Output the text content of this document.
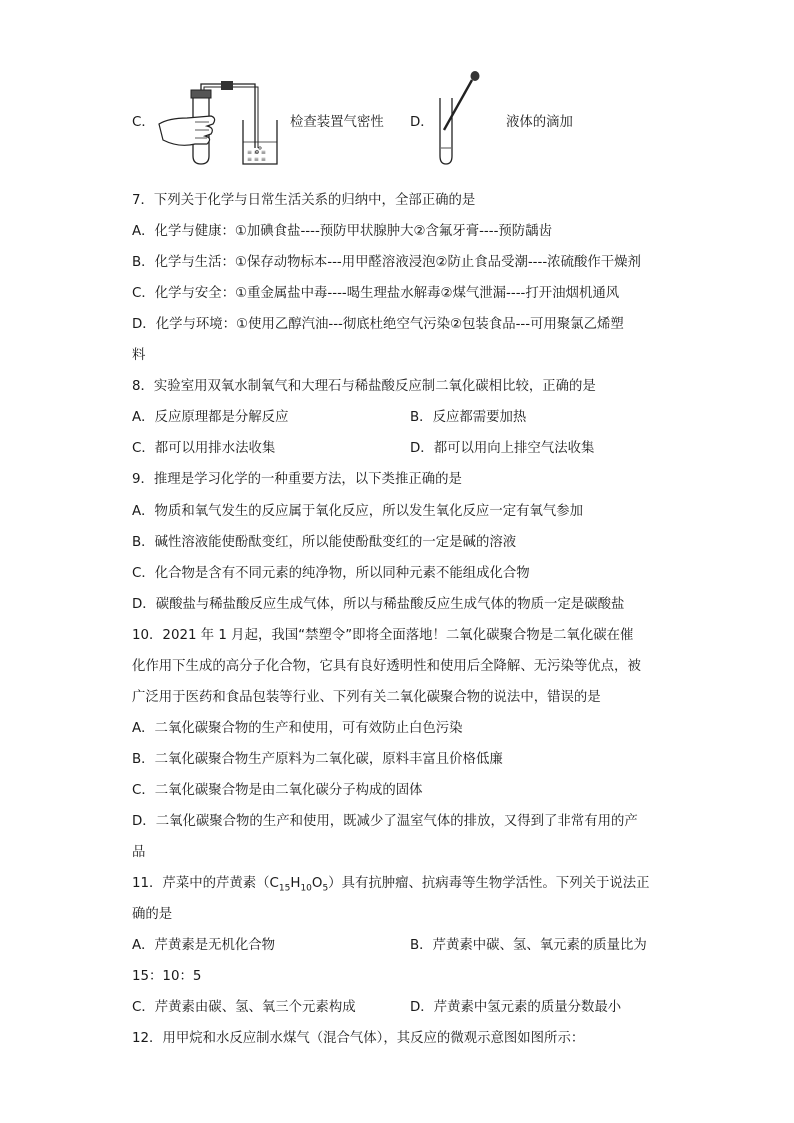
C．
≡ ≡ ≡
≡ ≡ ≡
检查装置气密性 D．	液体的滴加
7．下列关于化学与日常生活关系的归纳中，全部正确的是
A．化学与健康：①加碘食盐----预防甲状腺肿大②含氟牙膏----预防龋齿
B．化学与生活：①保存动物标本---用甲醛溶液浸泡②防止食品受潮----浓硫酸作干燥剂
C．化学与安全：①重金属盐中毒----喝生理盐水解毒②煤气泄漏----打开油烟机通风
D．化学与环境：①使用乙醇汽油---彻底杜绝空气污染②包装食品---可用聚氯乙烯塑
料
8．实验室用双氧水制氧气和大理石与稀盐酸反应制二氧化碳相比较，正确的是
A．反应原理都是分解反应	B．反应都需要加热
C．都可以用排水法收集	D．都可以用向上排空气法收集
9．推理是学习化学的一种重要方法，以下类推正确的是
A．物质和氧气发生的反应属于氧化反应，所以发生氧化反应一定有氧气参加
B．碱性溶液能使酚酞变红，所以能使酚酞变红的一定是碱的溶液
C．化合物是含有不同元素的纯净物，所以同种元素不能组成化合物
D．碳酸盐与稀盐酸反应生成气体，所以与稀盐酸反应生成气体的物质一定是碳酸盐
10．2021 年 1 月起，我国“禁塑令”即将全面落地！二氧化碳聚合物是二氧化碳在催
化作用下生成的高分子化合物，它具有良好透明性和使用后全降解、无污染等优点，被
广泛用于医药和食品包装等行业、下列有关二氧化碳聚合物的说法中，错误的是
A．二氧化碳聚合物的生产和使用，可有效防止白色污染
B．二氧化碳聚合物生产原料为二氧化碳，原料丰富且价格低廉
C．二氧化碳聚合物是由二氧化碳分子构成的固体
D．二氧化碳聚合物的生产和使用，既减少了温室气体的排放，又得到了非常有用的产
品
11．芹菜中的芹黄素$(C_{15}H_{10}O_5)$具有抗肿瘤、抗病毒等生物学活性。下列关于说法正
确的是
A．芹黄素是无机化合物	B．芹黄素中碳、氢、氧元素的质量比为
15：10：5
C．芹黄素由碳、氢、氧三个元素构成	D．芹黄素中氢元素的质量分数最小
12．用甲烷和水反应制水煤气（混合气体），其反应的微观示意图如图所示：
